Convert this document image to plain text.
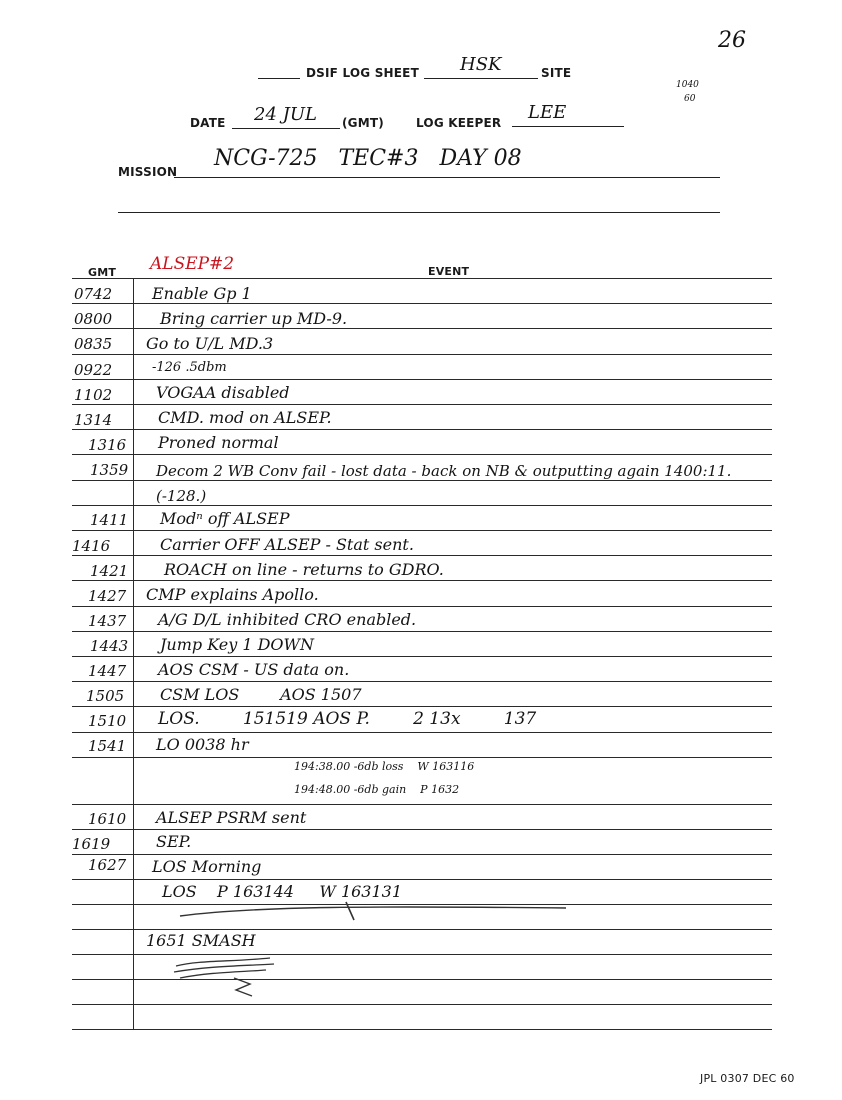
26
1040
60
DSIF LOG SHEET HSK	SITE
DATE 24 JUL (GMT)	LOG KEEPER LEE
MISSION
NCG-725   TEC#3   DAY 08
GMT ALSEP#2	EVENT
0742	Enable Gp 1
0800	Bring carrier up MD-9.
0835	Go to U/L MD.3
0922	-126 .5dbm
1102	VOGAA disabled
1314	CMD. mod on ALSEP.
1316	Proned normal
1359	Decom 2 WB Conv fail - lost data - back on NB & outputting again 1400:11. (-128.)
1411	Modⁿ off ALSEP
1416	Carrier OFF ALSEP - Stat sent.
1421	ROACH on line - returns to GDRO.
1427	CMP explains Apollo.
1437	A/G D/L inhibited CRO enabled.
1443	Jump Key 1 DOWN
1447	AOS CSM - US data on.
1505	CSM LOS        AOS 1507
1510	LOS.        151519 AOS P.        2 13x        137
1541	LO 0038 hr
194:38.00 -6db loss    W 163116
194:48.00 -6db gain    P 1632
1610	ALSEP PSRM sent
1619	SEP.
1627	LOS Morning
LOS    P 163144     W 163131
1651 SMASH
JPL 0307 DEC 60
